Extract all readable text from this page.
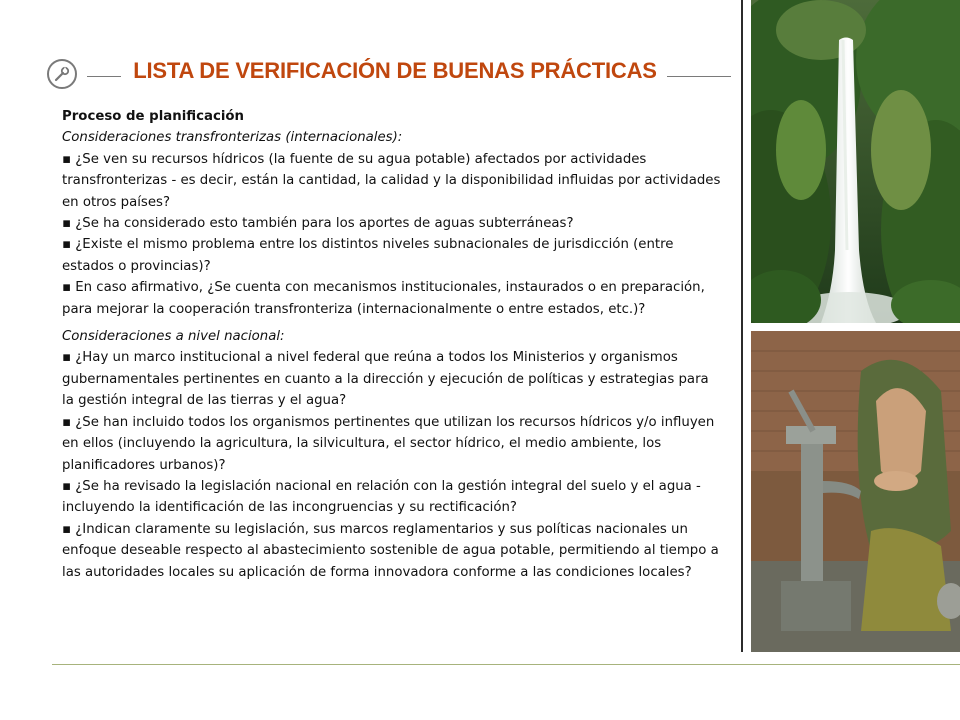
LISTA DE VERIFICACIÓN DE BUENAS PRÁCTICAS

Proceso de planificación

Consideraciones transfronterizas (internacionales):

▪ ¿Se ven su recursos hídricos (la fuente de su agua potable) afectados por actividades transfronterizas - es decir, están la cantidad, la calidad y la disponibilidad influidas por actividades en otros países?

▪ ¿Se ha considerado esto también para los aportes de aguas subterráneas?

▪ ¿Existe el mismo problema entre los distintos niveles subnacionales de jurisdicción (entre estados o provincias)?

▪ En caso afirmativo, ¿Se cuenta con mecanismos institucionales, instaurados o en preparación, para mejorar la cooperación transfronteriza (internacionalmente o entre estados, etc.)?

Consideraciones a nivel nacional:

▪ ¿Hay un marco institucional a nivel federal que reúna a todos los Ministerios y organismos gubernamentales pertinentes en cuanto a la dirección y ejecución de políticas y estrategias para la gestión integral de las tierras y el agua?

▪ ¿Se han incluido todos los organismos pertinentes que utilizan los recursos hídricos y/o influyen en ellos (incluyendo la agricultura, la silvicultura, el sector hídrico, el medio ambiente, los planificadores urbanos)?

▪ ¿Se ha revisado la legislación nacional en relación con la gestión integral del suelo y el agua - incluyendo la identificación de las incongruencias y su rectificación?

▪ ¿Indican claramente su legislación, sus marcos reglamentarios y sus políticas nacionales un enfoque deseable respecto al abastecimiento sostenible de agua potable, permitiendo al tiempo a las autoridades locales su aplicación de forma innovadora conforme a las condiciones locales?
